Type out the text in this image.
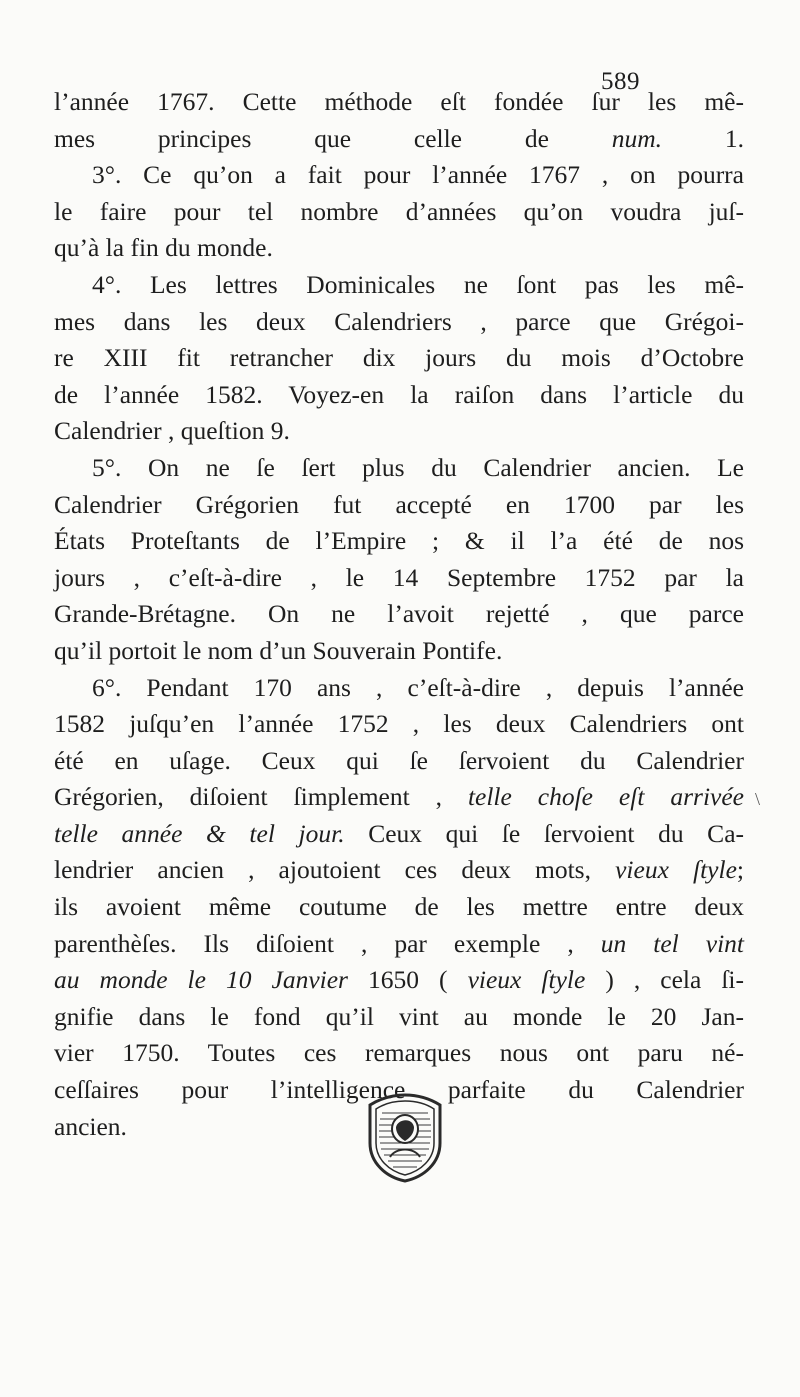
589
l’année 1767. Cette méthode eſt fondée ſur les mê-
mes principes que celle de num. 1.
3°. Ce qu’on a fait pour l’année 1767 , on pourra
le faire pour tel nombre d’années qu’on voudra juſ-
qu’à la fin du monde.
4°. Les lettres Dominicales ne ſont pas les mê-
mes dans les deux Calendriers , parce que Grégoi-
re XIII fit retrancher dix jours du mois d’Octobre
de l’année 1582. Voyez-en la raiſon dans l’article du
Calendrier , queſtion 9.
5°. On ne ſe ſert plus du Calendrier ancien. Le
Calendrier Grégorien fut accepté en 1700 par les
États Proteſtants de l’Empire ; & il l’a été de nos
jours , c’eſt-à-dire , le 14 Septembre 1752 par la
Grande-Brétagne. On ne l’avoit rejetté , que parce
qu’il portoit le nom d’un Souverain Pontife.
6°. Pendant 170 ans , c’eſt-à-dire , depuis l’année
1582 juſqu’en l’année 1752 , les deux Calendriers ont
été en uſage. Ceux qui ſe ſervoient du Calendrier
Grégorien, diſoient ſimplement , telle choſe eſt arrivée
telle année & tel jour. Ceux qui ſe ſervoient du Ca-
lendrier ancien , ajoutoient ces deux mots, vieux ſtyle;
ils avoient même coutume de les mettre entre deux
parenthèſes. Ils diſoient , par exemple , un tel vint
au monde le 10 Janvier 1650 ( vieux ſtyle ) , cela ſi-
gnifie dans le fond qu’il vint au monde le 20 Jan-
vier 1750. Toutes ces remarques nous ont paru né-
ceſſaires pour l’intelligence parfaite du Calendrier
ancien.
\
